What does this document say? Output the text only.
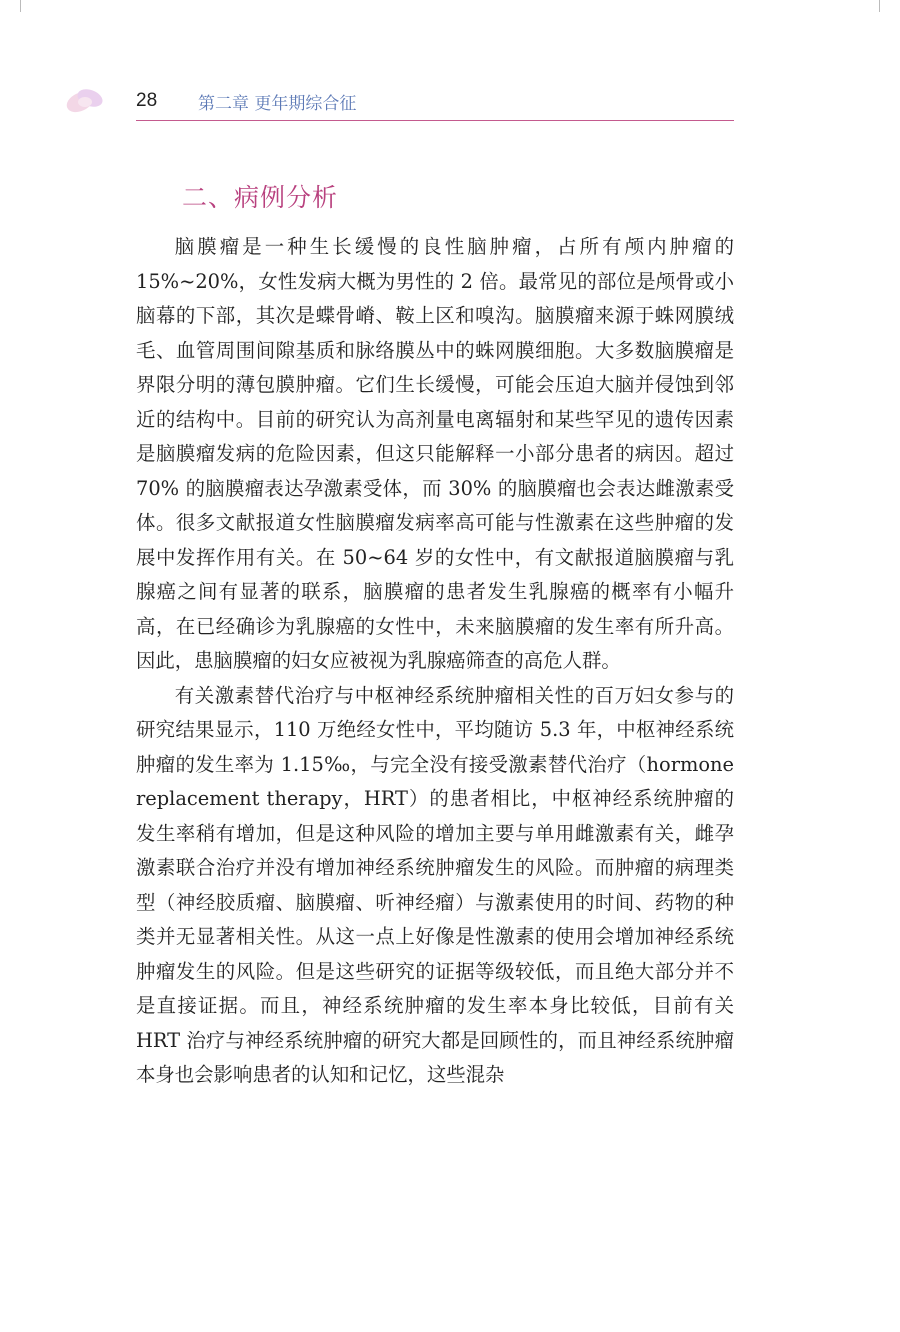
28 第二章 更年期综合征
二、病例分析

脑膜瘤是一种生长缓慢的良性脑肿瘤，占所有颅内肿瘤的 15%~20%，女性发病大概为男性的 2 倍。最常见的部位是颅骨或小脑幕的下部，其次是蝶骨嵴、鞍上区和嗅沟。脑膜瘤来源于蛛网膜绒毛、血管周围间隙基质和脉络膜丛中的蛛网膜细胞。大多数脑膜瘤是界限分明的薄包膜肿瘤。它们生长缓慢，可能会压迫大脑并侵蚀到邻近的结构中。目前的研究认为高剂量电离辐射和某些罕见的遗传因素是脑膜瘤发病的危险因素，但这只能解释一小部分患者的病因。超过 70% 的脑膜瘤表达孕激素受体，而 30% 的脑膜瘤也会表达雌激素受体。很多文献报道女性脑膜瘤发病率高可能与性激素在这些肿瘤的发展中发挥作用有关。在 50~64 岁的女性中，有文献报道脑膜瘤与乳腺癌之间有显著的联系，脑膜瘤的患者发生乳腺癌的概率有小幅升高，在已经确诊为乳腺癌的女性中，未来脑膜瘤的发生率有所升高。因此，患脑膜瘤的妇女应被视为乳腺癌筛查的高危人群。

有关激素替代治疗与中枢神经系统肿瘤相关性的百万妇女参与的研究结果显示，110 万绝经女性中，平均随访 5.3 年，中枢神经系统肿瘤的发生率为 1.15‰，与完全没有接受激素替代治疗（hormone replacement therapy，HRT）的患者相比，中枢神经系统肿瘤的发生率稍有增加，但是这种风险的增加主要与单用雌激素有关，雌孕激素联合治疗并没有增加神经系统肿瘤发生的风险。而肿瘤的病理类型（神经胶质瘤、脑膜瘤、听神经瘤）与激素使用的时间、药物的种类并无显著相关性。从这一点上好像是性激素的使用会增加神经系统肿瘤发生的风险。但是这些研究的证据等级较低，而且绝大部分并不是直接证据。而且，神经系统肿瘤的发生率本身比较低，目前有关 HRT 治疗与神经系统肿瘤的研究大都是回顾性的，而且神经系统肿瘤本身也会影响患者的认知和记忆，这些混杂
